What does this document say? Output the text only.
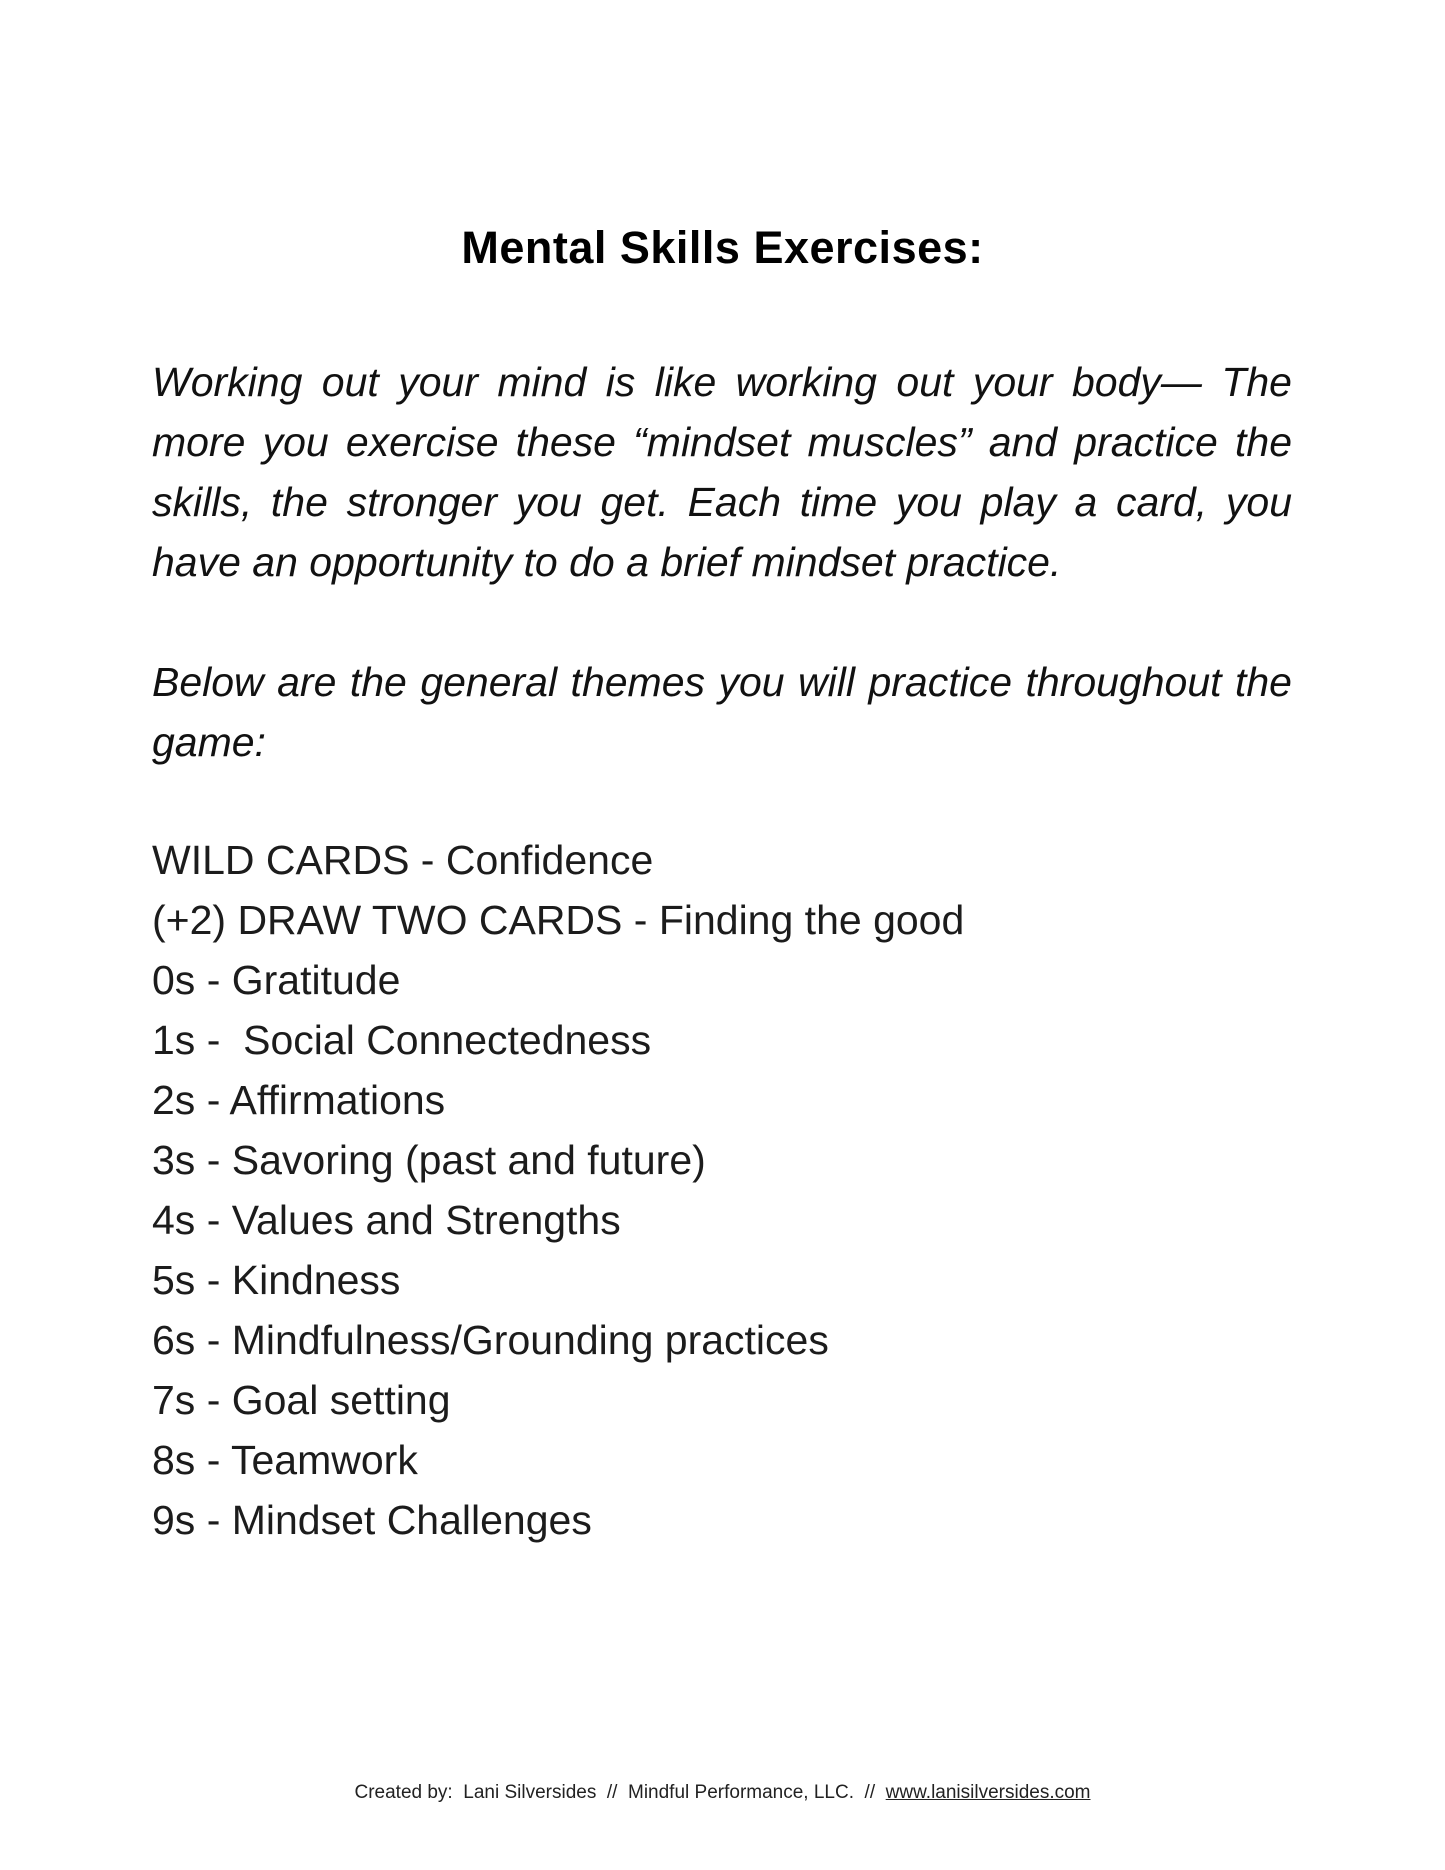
Mental Skills Exercises:

Working out your mind is like working out your body— The more you exercise these “mindset muscles” and practice the skills, the stronger you get. Each time you play a card, you have an opportunity to do a brief mindset practice.

Below are the general themes you will practice throughout the game:

WILD CARDS - Confidence
(+2) DRAW TWO CARDS - Finding the good
0s - Gratitude
1s -  Social Connectedness
2s - Affirmations
3s - Savoring (past and future)
4s - Values and Strengths
5s - Kindness
6s - Mindfulness/Grounding practices
7s - Goal setting
8s - Teamwork
9s - Mindset Challenges
Created by:  Lani Silversides  //  Mindful Performance, LLC.  //  www.lanisilversides.com
